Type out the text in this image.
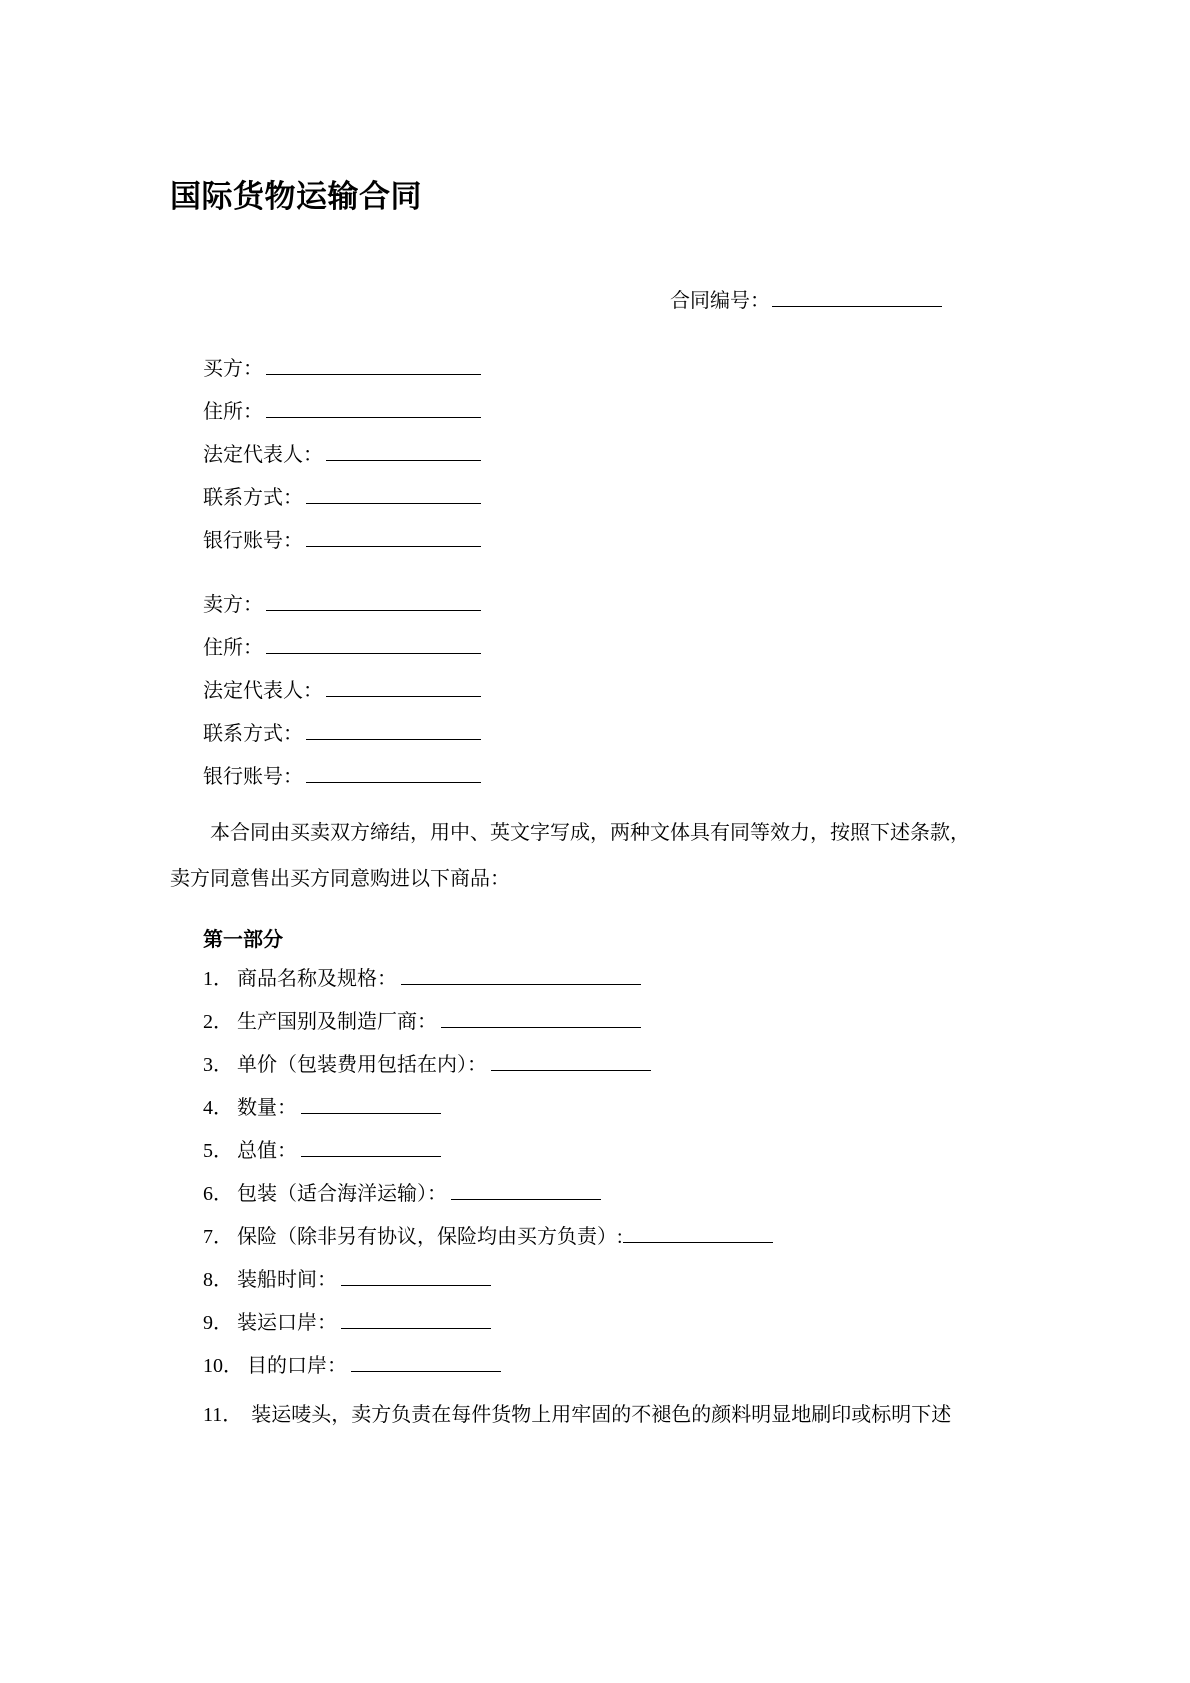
国际货物运输合同
合同编号：
买方：
住所：
法定代表人：
联系方式：
银行账号：
卖方：
住所：
法定代表人：
联系方式：
银行账号：
本合同由买卖双方缔结，用中、英文字写成，两种文体具有同等效力，按照下述条款，卖方同意售出买方同意购进以下商品：
第一部分
1． 商品名称及规格：
2． 生产国别及制造厂商：
3． 单价（包装费用包括在内）：
4． 数量：
5． 总值：
6． 包装（适合海洋运输）：
7． 保险（除非另有协议，保险均由买方负责）:
8． 装船时间：
9． 装运口岸：
10． 目的口岸：
11． 装运唛头，卖方负责在每件货物上用牢固的不褪色的颜料明显地刷印或标明下述
